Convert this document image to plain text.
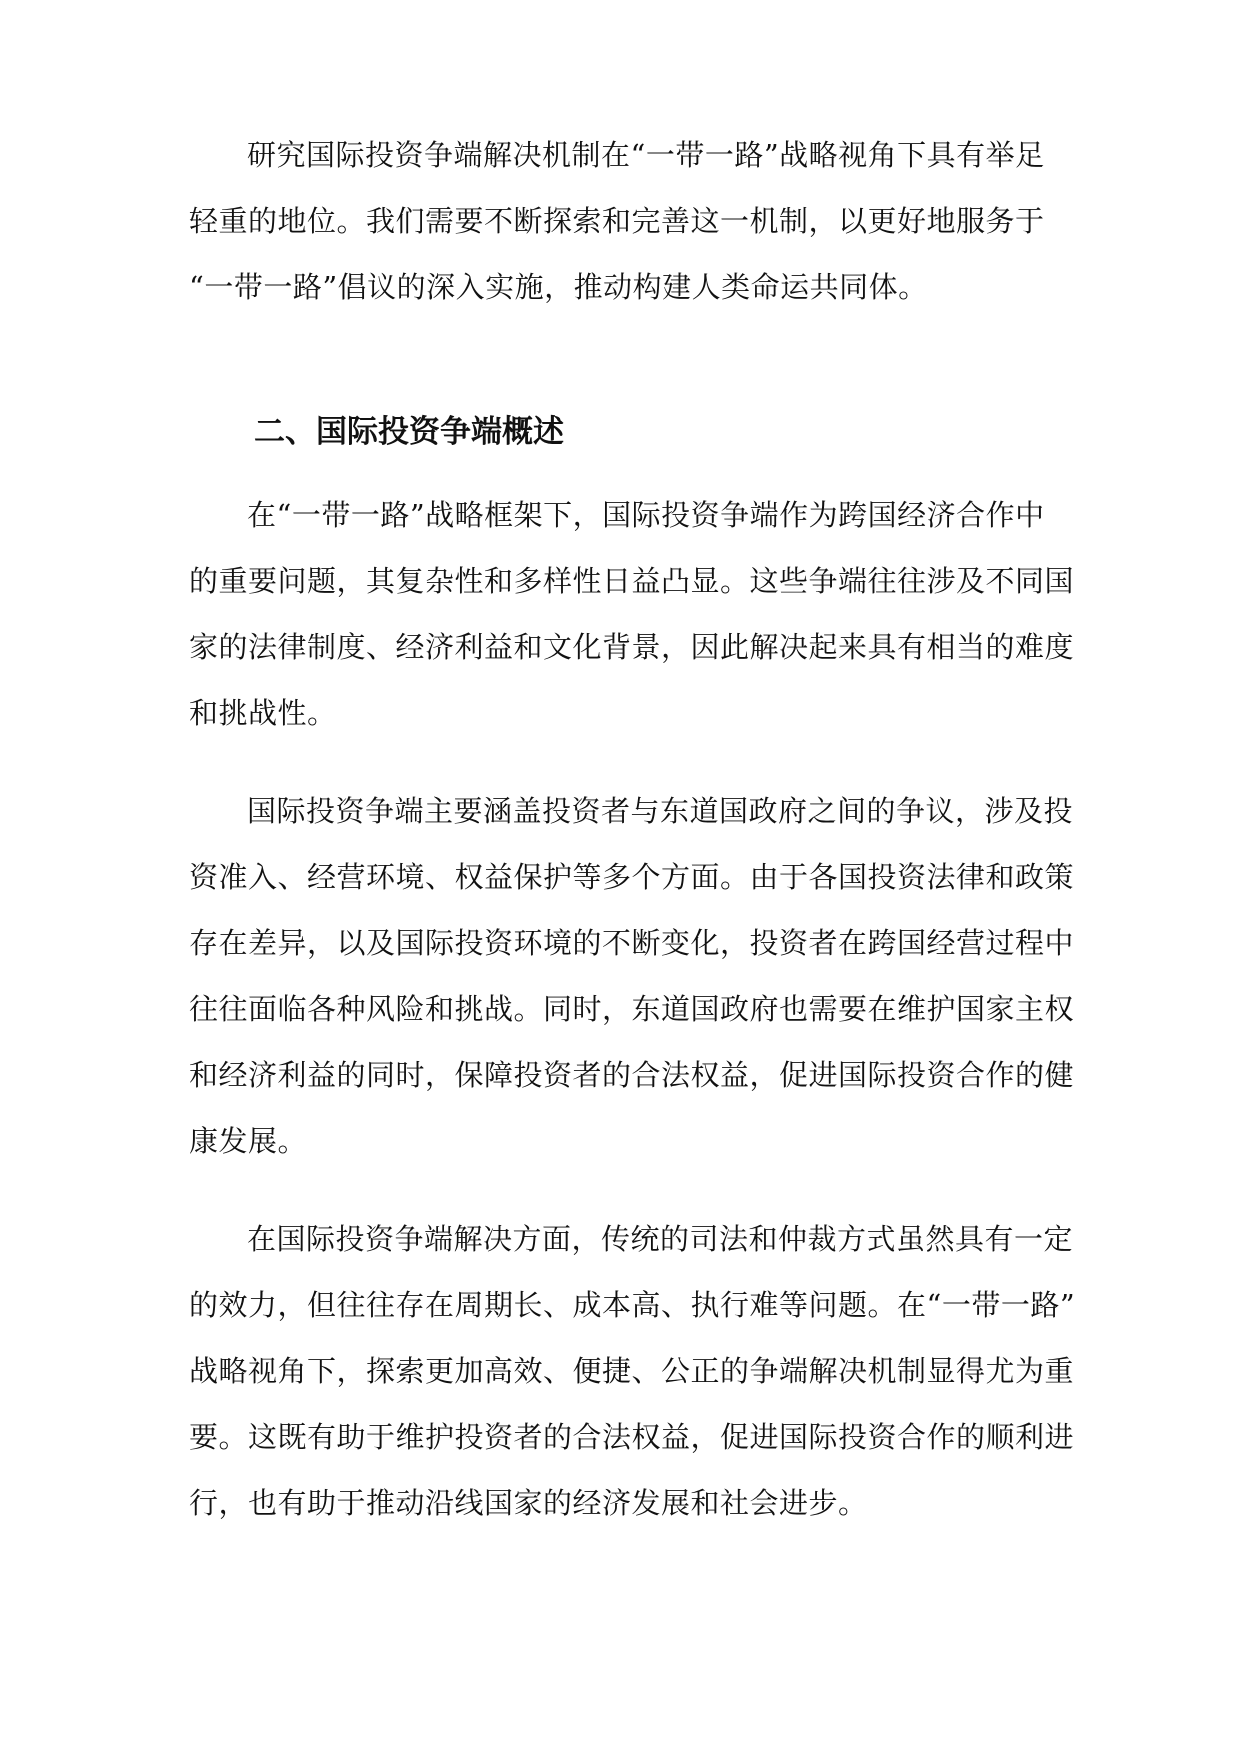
研究国际投资争端解决机制在“一带一路”战略视角下具有举足
轻重的地位。我们需要不断探索和完善这一机制，以更好地服务于
“一带一路”倡议的深入实施，推动构建人类命运共同体。
二、国际投资争端概述
在“一带一路”战略框架下，国际投资争端作为跨国经济合作中
的重要问题，其复杂性和多样性日益凸显。这些争端往往涉及不同国
家的法律制度、经济利益和文化背景，因此解决起来具有相当的难度
和挑战性。
国际投资争端主要涵盖投资者与东道国政府之间的争议，涉及投
资准入、经营环境、权益保护等多个方面。由于各国投资法律和政策
存在差异，以及国际投资环境的不断变化，投资者在跨国经营过程中
往往面临各种风险和挑战。同时，东道国政府也需要在维护国家主权
和经济利益的同时，保障投资者的合法权益，促进国际投资合作的健
康发展。
在国际投资争端解决方面，传统的司法和仲裁方式虽然具有一定
的效力，但往往存在周期长、成本高、执行难等问题。在“一带一路”
战略视角下，探索更加高效、便捷、公正的争端解决机制显得尤为重
要。这既有助于维护投资者的合法权益，促进国际投资合作的顺利进
行，也有助于推动沿线国家的经济发展和社会进步。
